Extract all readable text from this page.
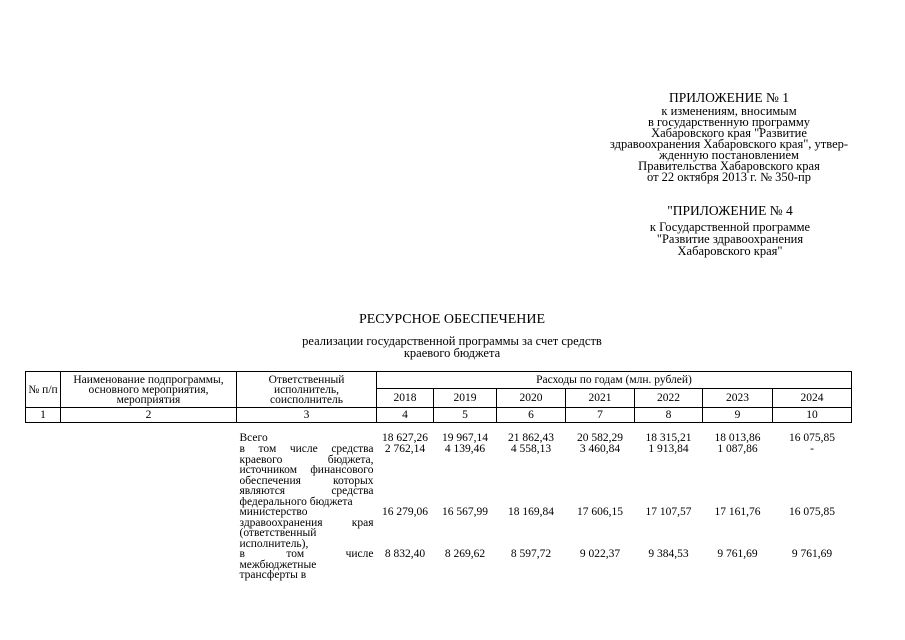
ПРИЛОЖЕНИЕ № 1
к изменениям, вносимым
в государственную программу
Хабаровского края "Развитие
здравоохранения Хабаровского края", утвер-
жденную постановлением
Правительства Хабаровского края
от 22 октября 2013 г. № 350-пр
"ПРИЛОЖЕНИЕ № 4
к Государственной программе
"Развитие здравоохранения
Хабаровского края"
РЕСУРСНОЕ ОБЕСПЕЧЕНИЕ
реализации государственной программы за счет средств
краевого бюджета
№ п/п	Наименование подпрограммы, основного мероприятия, мероприятия	Ответственный исполнитель, соисполнитель	Расходы по годам (млн. рублей)						
			2018	2019	2020	2021	2022	2023	2024
1	2	3	4	5	6	7	8	9	10

		Всего	18 627,26	19 967,14	21 862,43	20 582,29	18 315,21	18 013,86	16 075,85
		в том числе средства краевого бюджета, источником финансового обеспечения которых являются средства федерального бюджета	2 762,14	4 139,46	4 558,13	3 460,84	1 913,84	1 087,86	-
		министерство здравоохранения края (ответственный исполнитель),	16 279,06	16 567,99	18 169,84	17 606,15	17 107,57	17 161,76	16 075,85
		в том числе межбюджетные трансферты в	8 832,40	8 269,62	8 597,72	9 022,37	9 384,53	9 761,69	9 761,69
